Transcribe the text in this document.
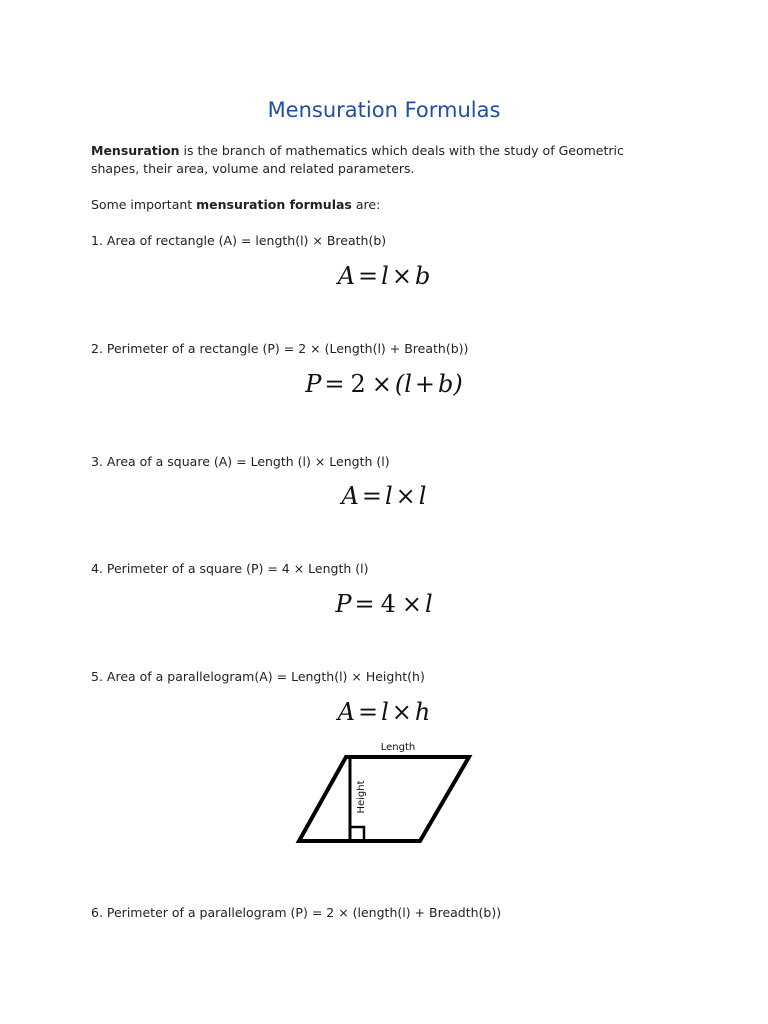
Mensuration Formulas
Mensuration is the branch of mathematics which deals with the study of Geometric
shapes, their area, volume and related parameters.
Some important mensuration formulas are:
1. Area of rectangle (A) = length(l) × Breath(b)
A = l × b
2. Perimeter of a rectangle (P) = 2 × (Length(l) + Breath(b))
P = 2 × (l + b)
3. Area of a square (A) = Length (l) × Length (l)
A = l × l
4. Perimeter of a square (P) = 4 × Length (l)
P = 4 × l
5. Area of a parallelogram(A) = Length(l) × Height(h)
A = l × h
Length
Height
6. Perimeter of a parallelogram (P) = 2 × (length(l) + Breadth(b))
